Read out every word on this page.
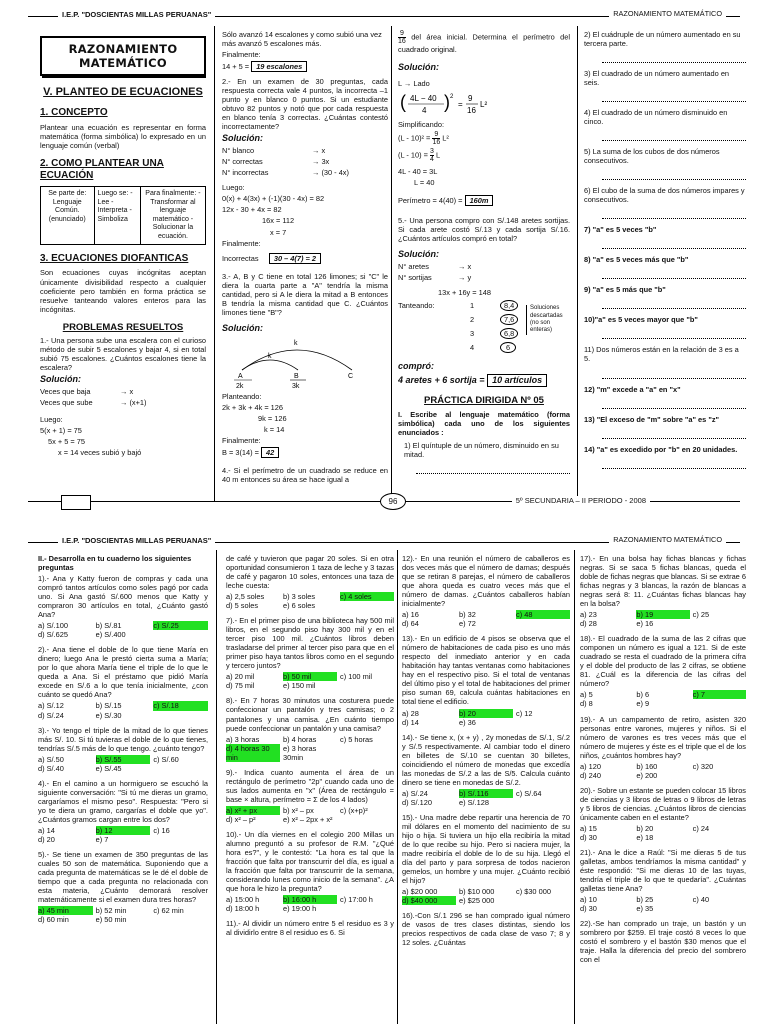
I.E.P. "DOSCIENTAS MILLAS PERUANAS"	RAZONAMIENTO MATEMÁTICO
RAZONAMIENTO MATEMÁTICO
V. PLANTEO DE ECUACIONES
1. CONCEPTO

Plantear una ecuación es representar en forma matemática (forma simbólica) lo expresado en un lenguaje común (verbal)

2. COMO PLANTEAR UNA ECUACIÓN
Se parte de: Lenguaje Común. (enunciado)	Luego se: - Lee - Interpreta - Simboliza	Para finalmente: -Transformar al lenguaje matemático -Solucionar la ecuación.
3. ECUACIONES DIOFANTICAS

Son ecuaciones cuyas incógnitas aceptan únicamente divisibilidad respecto a cualquier coeficiente pero también en forma práctica se resuelve tanteando valores enteros para las incógnitas.

PROBLEMAS RESUELTOS

1.- Una persona sube una escalera con el curioso método de subir 5 escalones y bajar 4, si en total subió 75 escalones. ¿Cuántos escalones tiene la escalera?

Solución:

Veces que baja	→ x

Veces que sube	→ (x+1)

Luego:

5(x + 1) = 75

5x + 5 = 75

x = 14 veces subió y bajó

Sólo avanzó 14 escalones y como subió una vez más avanzó 5 escalones más.

Finalmente:

14 + 5 = 19 escalones

2.- En un examen de 30 preguntas, cada respuesta correcta vale 4 puntos, la incorrecta –1 punto y en blanco 0 puntos. Si un estudiante obtuvo 82 puntos y notó que por cada respuesta en blanco tenía 3 correctas. ¿Cuántas contestó incorrectamente?

Solución:

N° blanco	→ x

N° correctas	→ 3x

N° incorrectas	→ (30 - 4x)

Luego:

0(x) + 4(3x) + (-1)(30 - 4x) = 82

12x - 30 + 4x = 82

16x = 112

x = 7

Finalmente:

Incorrectas 30 – 4(7) = 2

3.- A, B y C tiene en total 126 limones; si "C" le diera la cuarta parte a "A" tendría la misma cantidad, pero si A le diera la mitad a B entonces B tendría la misma cantidad que C. ¿Cuántos limones tiene "B"?

Solución:

k
k
A	B	C
2k	3k

Planteando:

2k + 3k + 4k = 126

9k = 126

k = 14

Finalmente:

B = 3(14) = 42

4.- Si el perímetro de un cuadrado se reduce en 40 m entonces su área se hace igual a

9
16 del área inicial. Determina el perímetro del cuadrado original.

Solución:

L → Lado

( 4L − 40
4 ) 2
=
9
16
L²

Simplificando:

(L - 10)² = 9
16 L²

(L - 10) = 3
4 L

4L - 40 = 3L

L = 40

Perímetro = 4(40) = 160m

5.- Una persona compro con S/.148 aretes sortijas. Si cada arete costó S/.13 y cada sortija S/.16. ¿Cuántos artículos compró en total?

Solución:

N° aretes	→ x

N° sortijas	→ y

13x + 16y = 148

Tanteando:	1	8,4
2	7,6
3	6,8
4	6
Soluciones descartadas (no son enteras)

compró:

4 aretes + 6 sortija = 10 artículos

PRÁCTICA DIRIGIDA Nº 05

I. Escribe al lenguaje matemático (forma simbólica) cada uno de los siguientes enunciados :

1) El quíntuple de un número, disminuido en su mitad.

2) El cuádruple de un número aumentado en su tercera parte.

3) El cuadrado de un número aumentado en seis.

4) El cuadrado de un número disminuido en cinco.

5) La suma de los cubos de dos números consecutivos.

6) El cubo de la suma de dos números impares y consecutivos.

7) "a" es 5 veces "b"

8) "a" es 5 veces más que "b"

9) "a" es 5 más que "b"

10)"a" es 5 veces mayor que "b"

11) Dos números están en la relación de 3 es a 5.

12) "m" excede a "a" en "x"

13) "El exceso de "m" sobre "a" es "z"

14) "a" es excedido por "b" en 20 unidades.

96	5º SECUNDARIA – II PERIODO - 2008
I.E.P. "DOSCIENTAS MILLAS PERUANAS"	RAZONAMIENTO MATEMÁTICO

II.- Desarrolla en tu cuaderno los siguientes preguntas

1).- Ana y Katty fueron de compras y cada una compró tantos artículos como soles pagó por cada uno. Si Ana gastó S/.600 menos que Katty y compraron 30 artículos en total, ¿Cuánto gastó Ana?

a) S/.100	b) S/.81	c) S/.25
d) S/.625	e) S/.400

2).- Ana tiene el doble de lo que tiene María en dinero; luego Ana le prestó cierta suma a María; por lo que ahora María tiene el triple de lo que le queda a Ana. Si el préstamo que pidió María excede en S/.6 a lo que tenía inicialmente, ¿con cuánto se quedó Ana?

a) S/.12	b) S/.15	c) S/.18
d) S/.24	e) S/.30

3).- Yo tengo el triple de la mitad de lo que tienes más S/. 10. Si tú tuvieras el doble de lo que tienes, tendrías S/.5 más de lo que tengo. ¿cuánto tengo?

a) S/.50	b) S/.55	c) S/.60
d) S/.40	e) S/.45

4).- En el camino a un hormiguero se escuchó la siguiente conversación: "Si tú me dieras un gramo, cargaríamos el mismo peso". Respuesta: "Pero si yo te diera un gramo, cargarías el doble que yo". ¿Cuántos gramos cargan entre los dos?

a) 14	b) 12	c) 16
d) 20	e) 7

5).- Se tiene un examen de 350 preguntas de las cuales 50 son de matemática. Suponiendo que a cada pregunta de matemáticas se le dé el doble de tiempo que a cada pregunta no relacionada con esta materia, ¿Cuánto demorará resolver matemáticamente si el examen dura tres horas?

a) 45 min	b) 52 min	c) 62 min
d) 60 min	e) 50 min

de café y tuvieron que pagar 20 soles. Si en otra oportunidad consumieron 1 taza de leche y 3 tazas de café y pagaron 10 soles, entonces una taza de leche cuesta:

a) 2,5 soles	b) 3 soles	c) 4 soles
d) 5 soles	e) 6 soles

7).- En el primer piso de una biblioteca hay 500 mil libros, en el segundo piso hay 300 mil y en el tercer piso 100 mil. ¿Cuántos libros deben trasladarse del primer al tercer piso para que en el primer piso haya tantos libros como en el segundo y tercero juntos?

a) 20 mil	b) 50 mil	c) 100 mil
d) 75 mil	e) 150 mil

8).- En 7 horas 30 minutos una costurera puede confeccionar un pantalón y tres camisas; o 2 pantalones y una camisa. ¿En cuánto tiempo puede confeccionar un pantalón y una camisa?

a) 3 horas	b) 4 horas	c) 5 horas
d) 4 horas 30 min
e) 3 horas 30min

9).- Indica cuanto aumenta el área de un rectángulo de perímetro "2p" cuando cada uno de sus lados aumenta en "x" (Área de rectángulo = base × altura, perímetro = Σ de los 4 lados)

a) x² + px	b) x² – px	c) (x+p)²
d) x² – p²	e) x² – 2px + x²

10).- Un día viernes en el colegio 200 Millas un alumno preguntó a su profesor de R.M. "¿Qué hora es?", y le contestó: "La hora es tal que la fracción que falta por transcurrir del día, es igual a la fracción que falta por transcurrir de la semana, considerando lunes como inicio de la semana". ¿A que hora le hizo la pregunta?

a) 15:00 h	b) 16:00 h	c) 17:00 h
d) 18:00 h	e) 19:00 h

11).- Al dividir un número entre 5 el residuo es 3 y al dividirlo entre 8 el residuo es 6. Si

12).- En una reunión el número de caballeros es dos veces más que el número de damas; después que se retiran 8 parejas, el número de caballeros que ahora queda es cuatro veces más que el número de damas. ¿Cuántos caballeros habían inicialmente?

a) 16	b) 32	c) 48
d) 64	e) 72

13).- En un edificio de 4 pisos se observa que el número de habitaciones de cada piso es uno más respecto del inmediato anterior y en cada habitación hay tantas ventanas como habitaciones hay en el respectivo piso. Si el total de ventanas del último piso y el total de habitaciones del primer piso suman 69, calcula cuántas habitaciones en total tiene el edificio.

a) 28	b) 20	c) 12
d) 14	e) 36

14).- Se tiene x, (x + y) , 2y monedas de S/.1, S/.2 y S/.5 respectivamente. Al cambiar todo el dinero en billetes de S/.10 se cuentan 30 billetes, coincidiendo el número de monedas que excedía las monedas de S/.2 a las de S/5. Calcula cuánto dinero se tiene en monedas de S/.2.

a) S/.24	b) S/.116	c) S/.64
d) S/.120	e) S/.128

15).- Una madre debe repartir una herencia de 70 mil dólares en el momento del nacimiento de su hijo o hija. Si tuviera un hijo ella recibiría la mitad de lo que recibe su hijo. Pero si naciera mujer, la madre recibiría el doble de lo de su hija. Llegó el día del parto y para sorpresa de todos nacieron gemelos, un hombre y una mujer. ¿Cuánto recibió el hijo?

a) $20 000	b) $10 000	c) $30 000
d) $40 000	e) $25 000

16).-Con S/.1 296 se han comprado igual número de vasos de tres clases distintas, siendo los precios respectivos de cada clase de vaso 7; 8 y 12 soles. ¿Cuántas

17).- En una bolsa hay fichas blancas y fichas negras. Si se saca 5 fichas blancas, queda el doble de fichas negras que blancas. Si se extrae 6 fichas negras y 3 blancas, la razón de blancas a negras será 8: 11. ¿Cuántas fichas blancas hay en la bolsa?

a) 23	b) 19	c) 25
d) 28	e) 16

18).- El cuadrado de la suma de las 2 cifras que componen un número es igual a 121. Si de este cuadrado se resta el cuadrado de la primera cifra y el doble del producto de las 2 cifras, se obtiene 81. ¿Cuál es la diferencia de las cifras del número?

a) 5	b) 6	c) 7
d) 8	e) 9

19).- A un campamento de retiro, asisten 320 personas entre varones, mujeres y niños. Si el número de varones es tres veces más que el número de mujeres y éste es el triple que el de los niños, ¿cuántos hombres hay?

a) 120	b) 160	c) 320
d) 240	e) 200

20).- Sobre un estante se pueden colocar 15 libros de ciencias y 3 libros de letras o 9 libros de letras y 5 libros de ciencias. ¿Cuántos libros de ciencias únicamente caben en el estante?

a) 15	b) 20	c) 24
d) 30	e) 18

21).- Ana le dice a Raúl: "Si me dieras 5 de tus galletas, ambos tendríamos la misma cantidad" y éste respondió: "Si me dieras 10 de las tuyas, tendría el triple de lo que te quedaría". ¿Cuántas galletas tiene Ana?

a) 10	b) 25	c) 40
d) 30	e) 35

22).-Se han comprado un traje, un bastón y un sombrero por $259. El traje costó 8 veces lo que costó el sombrero y el bastón $30 menos que el traje. Halla la diferencia del precio del sombrero con el
